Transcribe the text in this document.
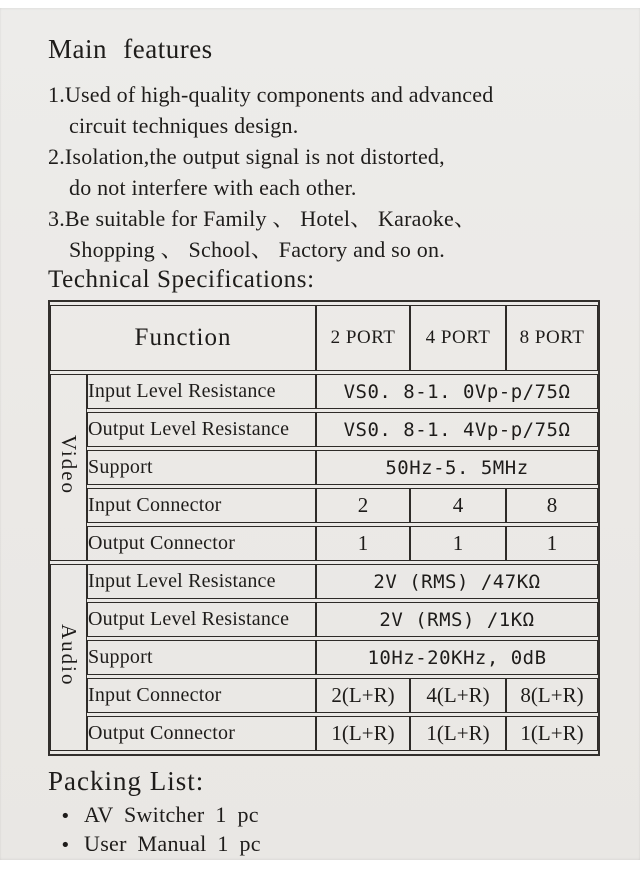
Main features

1.Used of high-quality components and advanced

circuit techniques design.

2.Isolation,the output signal is not distorted,

do not interfere with each other.

3.Be suitable for Family 、 Hotel、 Karaoke、

Shopping 、 School、 Factory and so on.

Technical Specifications:
Function		2 PORT	4 PORT	8 PORT
Video	Input Level Resistance	VS0. 8-1. 0Vp-p/75Ω		
	Output Level Resistance	VS0. 8-1. 4Vp-p/75Ω		
	Support	50Hz-5. 5MHz		
	Input Connector	2	4	8
	Output Connector	1	1	1
Audio	Input Level Resistance	2V (RMS) /47KΩ		
	Output Level Resistance	2V (RMS) /1KΩ		
	Support	10Hz-20KHz, 0dB		
	Input Connector	2(L+R)	4(L+R)	8(L+R)
	Output Connector	1(L+R)	1(L+R)	1(L+R)
Packing List:
• AV Switcher 1 pc
• User Manual 1 pc
